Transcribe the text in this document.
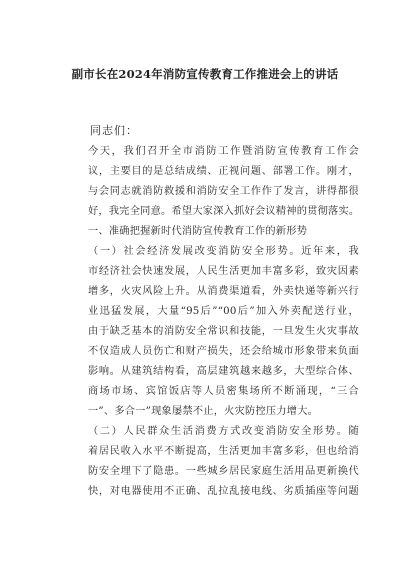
副市长在2024年消防宣传教育工作推进会上的讲话
同志们：
今天，我们召开全市消防工作暨消防宣传教育工作会
议，主要目的是总结成绩、正视问题、部署工作。刚才，
与会同志就消防救援和消防安全工作作了发言，讲得都很
好，我完全同意。希望大家深入抓好会议精神的贯彻落实。
一、准确把握新时代消防宣传教育工作的新形势
（一）社会经济发展改变消防安全形势。近年来，我
市经济社会快速发展，人民生活更加丰富多彩，致灾因素
增多，火灾风险上升。从消费渠道看，外卖快递等新兴行
业迅猛发展，大量“95后”“00后”加入外卖配送行业，
由于缺乏基本的消防安全常识和技能，一旦发生火灾事故
不仅造成人员伤亡和财产损失，还会给城市形象带来负面
影响。从建筑结构看，高层建筑越来越多，大型综合体、
商场市场、宾馆饭店等人员密集场所不断涌现，“三合
一”、多合一”现象屡禁不止，火灾防控压力增大。
（二）人民群众生活消费方式改变消防安全形势。随
着居民收入水平不断提高，生活更加丰富多彩，但也给消
防安全埋下了隐患。一些城乡居民家庭生活用品更新换代
快，对电器使用不正确、乱拉乱接电线、劣质插座等问题
